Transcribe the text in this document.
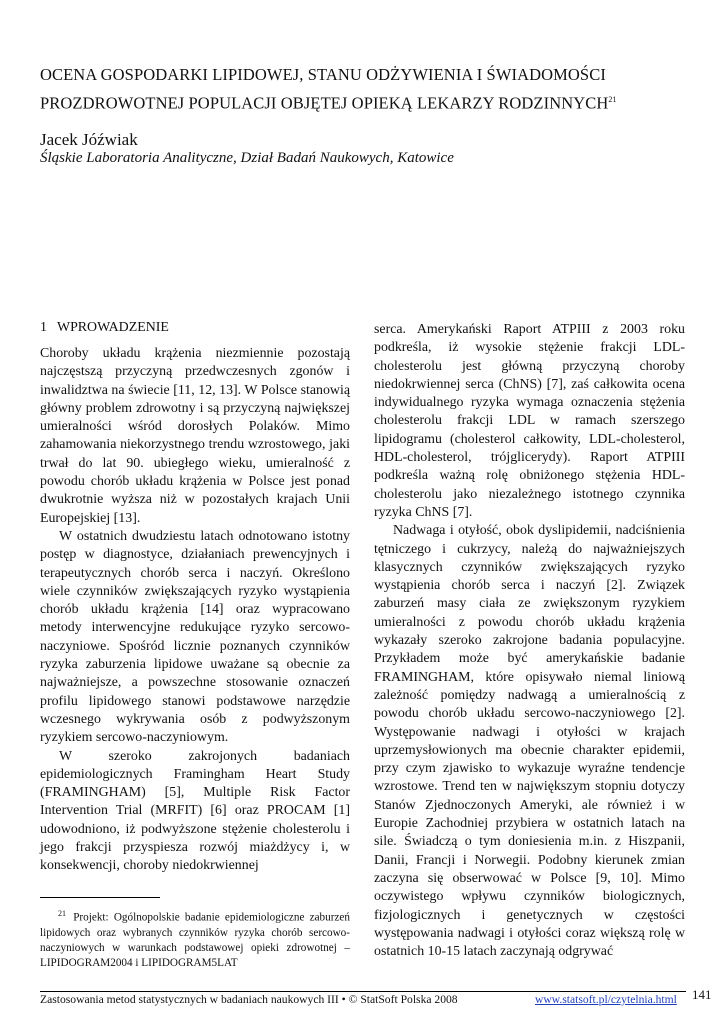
OCENA GOSPODARKI LIPIDOWEJ, STANU ODŻYWIENIA I ŚWIADOMOŚCI
PROZDROWOTNEJ POPULACJI OBJĘTEJ OPIEKĄ LEKARZY RODZINNYCH$^{21}$
Jacek Jóźwiak
Śląskie Laboratoria Analityczne, Dział Badań Naukowych, Katowice
1 WPROWADZENIE

Choroby układu krążenia niezmiennie pozostają najczęstszą przyczyną przedwczesnych zgonów i inwalidztwa na świecie [11, 12, 13]. W Polsce stanowią główny problem zdrowotny i są przyczyną największej umieralności wśród dorosłych Polaków. Mimo zahamowania niekorzystnego trendu wzrostowego, jaki trwał do lat 90. ubiegłego wieku, umieralność z powodu chorób układu krążenia w Polsce jest ponad dwukrotnie wyższa niż w pozostałych krajach Unii Europejskiej [13].

W ostatnich dwudziestu latach odnotowano istotny postęp w diagnostyce, działaniach prewencyjnych i terapeutycznych chorób serca i naczyń. Określono wiele czynników zwiększających ryzyko wystąpienia chorób układu krążenia [14] oraz wypracowano metody interwencyjne redukujące ryzyko sercowo-naczyniowe. Spośród licznie poznanych czynników ryzyka zaburzenia lipidowe uważane są obecnie za najważniejsze, a powszechne stosowanie oznaczeń profilu lipidowego stanowi podstawowe narzędzie wczesnego wykrywania osób z podwyższonym ryzykiem sercowo-naczyniowym.

W szeroko zakrojonych badaniach epidemiologicznych Framingham Heart Study (FRAMINGHAM) [5], Multiple Risk Factor Intervention Trial (MRFIT) [6] oraz PROCAM [1] udowodniono, iż podwyższone stężenie cholesterolu i jego frakcji przyspiesza rozwój miażdżycy i, w konsekwencji, choroby niedokrwiennej

serca. Amerykański Raport ATPIII z 2003 roku podkreśla, iż wysokie stężenie frakcji LDL-cholesterolu jest główną przyczyną choroby niedokrwiennej serca (ChNS) [7], zaś całkowita ocena indywidualnego ryzyka wymaga oznaczenia stężenia cholesterolu frakcji LDL w ramach szerszego lipidogramu (cholesterol całkowity, LDL-cholesterol, HDL-cholesterol, trójglicerydy). Raport ATPIII podkreśla ważną rolę obniżonego stężenia HDL-cholesterolu jako niezależnego istotnego czynnika ryzyka ChNS [7].

Nadwaga i otyłość, obok dyslipidemii, nadciśnienia tętniczego i cukrzycy, należą do najważniejszych klasycznych czynników zwiększających ryzyko wystąpienia chorób serca i naczyń [2]. Związek zaburzeń masy ciała ze zwiększonym ryzykiem umieralności z powodu chorób układu krążenia wykazały szeroko zakrojone badania populacyjne. Przykładem może być amerykańskie badanie FRAMINGHAM, które opisywało niemal liniową zależność pomiędzy nadwagą a umieralnością z powodu chorób układu sercowo-naczyniowego [2]. Występowanie nadwagi i otyłości w krajach uprzemysłowionych ma obecnie charakter epidemii, przy czym zjawisko to wykazuje wyraźne tendencje wzrostowe. Trend ten w największym stopniu dotyczy Stanów Zjednoczonych Ameryki, ale również i w Europie Zachodniej przybiera w ostatnich latach na sile. Świadczą o tym doniesienia m.in. z Hiszpanii, Danii, Francji i Norwegii. Podobny kierunek zmian zaczyna się obserwować w Polsce [9, 10]. Mimo oczywistego wpływu czynników biologicznych, fizjologicznych i genetycznych w częstości występowania nadwagi i otyłości coraz większą rolę w ostatnich 10-15 latach zaczynają odgrywać

$^{21}$ Projekt: Ogólnopolskie badanie epidemiologiczne zaburzeń lipidowych oraz wybranych czynników ryzyka chorób sercowo-naczyniowych w warunkach podstawowej opieki zdrowotnej – LIPIDOGRAM2004 i LIPIDOGRAM5LAT

Zastosowania metod statystycznych w badaniach naukowych III • © StatSoft Polska 2008	www.statsoft.pl/czytelnia.html 141
